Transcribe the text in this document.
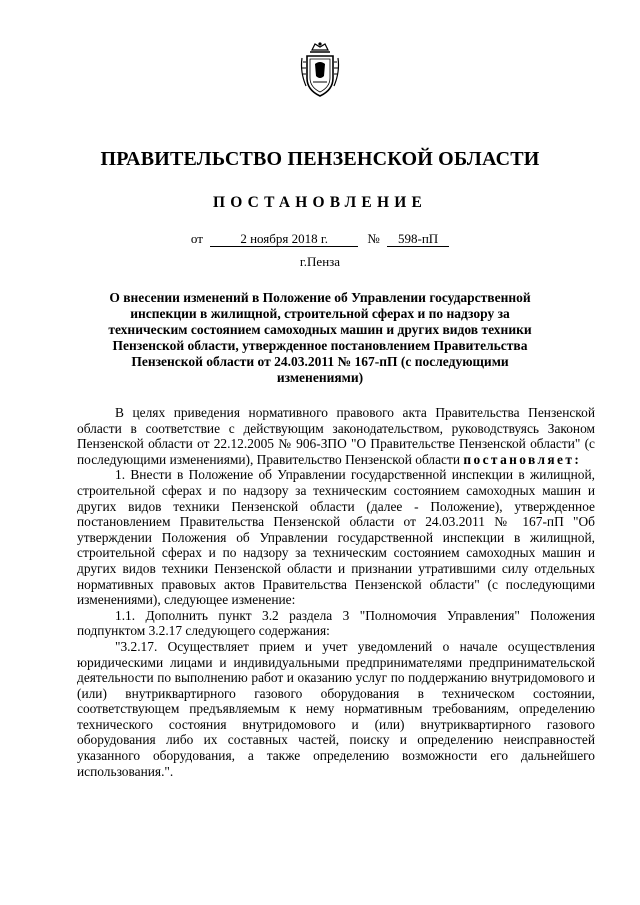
ПРАВИТЕЛЬСТВО ПЕНЗЕНСКОЙ ОБЛАСТИ
ПОСТАНОВЛЕНИЕ
от	2 ноября 2018 г.	№ 598-пП
г.Пенза
О внесении изменений в Положение об Управлении государственной инспекции в жилищной, строительной сферах и по надзору за техническим состоянием самоходных машин и других видов техники Пензенской области, утвержденное постановлением Правительства Пензенской области от 24.03.2011 № 167-пП (с последующими изменениями)

В целях приведения нормативного правового акта Правительства Пензенской области в соответствие с действующим законодательством, руководствуясь Законом Пензенской области от 22.12.2005 № 906-ЗПО "О Правительстве Пензенской области" (с последующими изменениями), Правительство Пензенской области постановляет:

1. Внести в Положение об Управлении государственной инспекции в жилищной, строительной сферах и по надзору за техническим состоянием самоходных машин и других видов техники Пензенской области (далее - Положение), утвержденное постановлением Правительства Пензенской области от 24.03.2011 № 167-пП "Об утверждении Положения об Управлении государственной инспекции в жилищной, строительной сферах и по надзору за техническим состоянием самоходных машин и других видов техники Пензенской области и признании утратившими силу отдельных нормативных правовых актов Правительства Пензенской области" (с последующими изменениями), следующее изменение:

1.1. Дополнить пункт 3.2 раздела 3 "Полномочия Управления" Положения подпунктом 3.2.17 следующего содержания:

"3.2.17. Осуществляет прием и учет уведомлений о начале осуществления юридическими лицами и индивидуальными предпринимателями предпринимательской деятельности по выполнению работ и оказанию услуг по поддержанию внутридомового и (или) внутриквартирного газового оборудования в техническом состоянии, соответствующем предъявляемым к нему нормативным требованиям, определению технического состояния внутридомового и (или) внутриквартирного газового оборудования либо их составных частей, поиску и определению неисправностей указанного оборудования, а также определению возможности его дальнейшего использования.".
